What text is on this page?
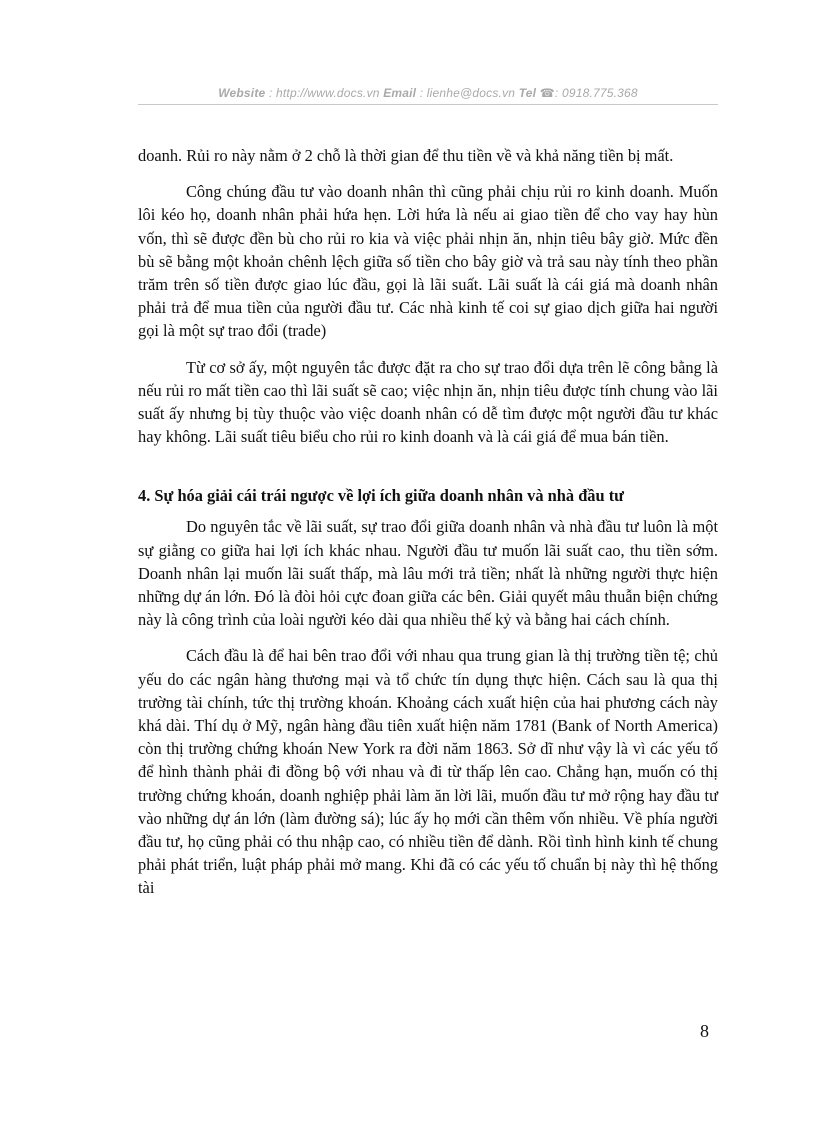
Website : http://www.docs.vn Email : lienhe@docs.vn Tel ☎: 0918.775.368

doanh. Rủi ro này nằm ở 2 chỗ là thời gian để thu tiền về và khả năng tiền bị mất.

Công chúng đầu tư vào doanh nhân thì cũng phải chịu rủi ro kinh doanh. Muốn lôi kéo họ, doanh nhân phải hứa hẹn. Lời hứa là nếu ai giao tiền để cho vay hay hùn vốn, thì sẽ được đền bù cho rủi ro kia và việc phải nhịn ăn, nhịn tiêu bây giờ. Mức đền bù sẽ bằng một khoản chênh lệch giữa số tiền cho bây giờ và trả sau này tính theo phần trăm trên số tiền được giao lúc đầu, gọi là lãi suất. Lãi suất là cái giá mà doanh nhân phải trả để mua tiền của người đầu tư. Các nhà kinh tế coi sự giao dịch giữa hai người gọi là một sự trao đổi (trade)

Từ cơ sở ấy, một nguyên tắc được đặt ra cho sự trao đổi dựa trên lẽ công bằng là nếu rủi ro mất tiền cao thì lãi suất sẽ cao; việc nhịn ăn, nhịn tiêu được tính chung vào lãi suất ấy nhưng bị tùy thuộc vào việc doanh nhân có dễ tìm được một người đầu tư khác hay không. Lãi suất tiêu biểu cho rủi ro kinh doanh và là cái giá để mua bán tiền.

4. Sự hóa giải cái trái ngược về lợi ích giữa doanh nhân và nhà đầu tư

Do nguyên tắc về lãi suất, sự trao đổi giữa doanh nhân và nhà đầu tư luôn là một sự giằng co giữa hai lợi ích khác nhau. Người đầu tư muốn lãi suất cao, thu tiền sớm. Doanh nhân lại muốn lãi suất thấp, mà lâu mới trả tiền; nhất là những người thực hiện những dự án lớn. Đó là đòi hỏi cực đoan giữa các bên. Giải quyết mâu thuẫn biện chứng này là công trình của loài người kéo dài qua nhiều thế kỷ và bằng hai cách chính.

Cách đầu là để hai bên trao đổi với nhau qua trung gian là thị trường tiền tệ; chủ yếu do các ngân hàng thương mại và tổ chức tín dụng thực hiện. Cách sau là qua thị trường tài chính, tức thị trường khoán. Khoảng cách xuất hiện của hai phương cách này khá dài. Thí dụ ở Mỹ, ngân hàng đầu tiên xuất hiện năm 1781 (Bank of North America) còn thị trường chứng khoán New York ra đời năm 1863. Sở dĩ như vậy là vì các yếu tố để hình thành phải đi đồng bộ với nhau và đi từ thấp lên cao. Chẳng hạn, muốn có thị trường chứng khoán, doanh nghiệp phải làm ăn lời lãi, muốn đầu tư mở rộng hay đầu tư vào những dự án lớn (làm đường sá); lúc ấy họ mới cần thêm vốn nhiều. Về phía người đầu tư, họ cũng phải có thu nhập cao, có nhiều tiền để dành. Rồi tình hình kinh tế chung phải phát triển, luật pháp phải mở mang. Khi đã có các yếu tố chuẩn bị này thì hệ thống tài

8
